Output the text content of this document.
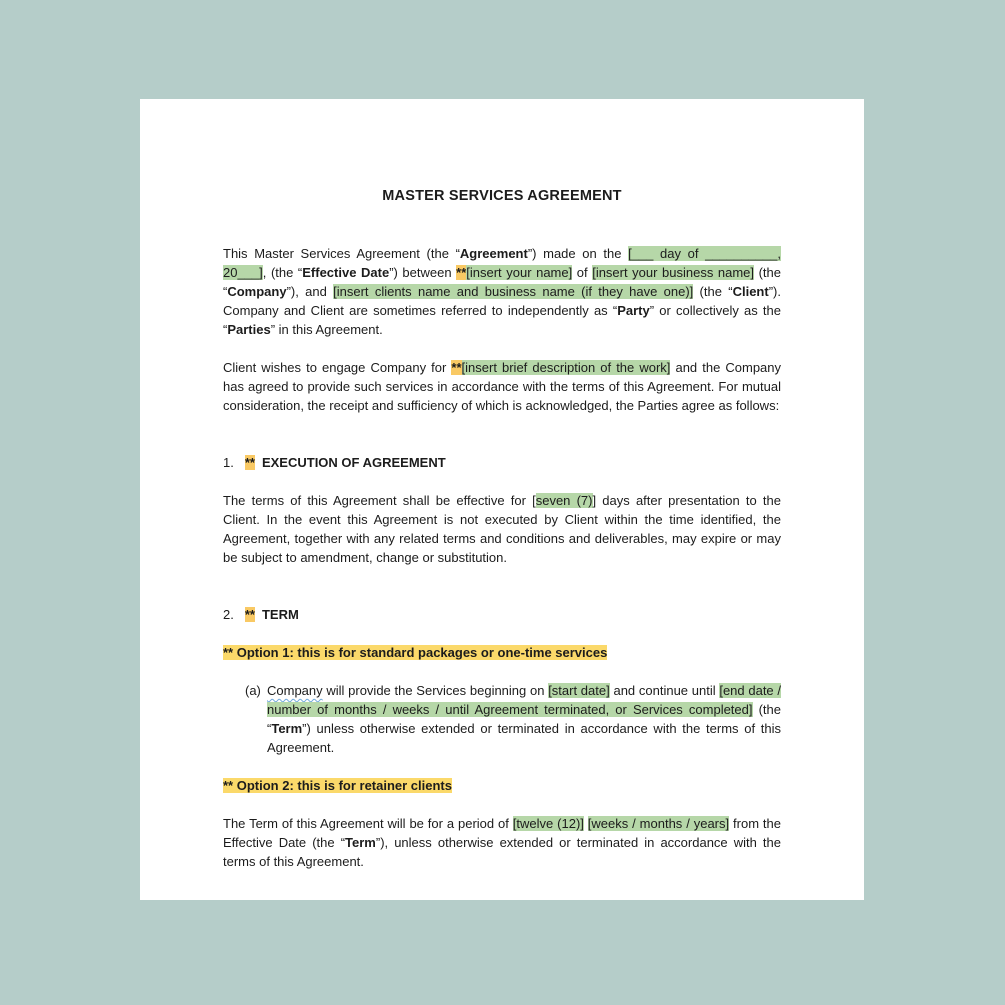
MASTER SERVICES AGREEMENT

This Master Services Agreement (the “Agreement”) made on the [___ day of __________, 20___], (the “Effective Date”) between **[insert your name] of [insert your business name] (the “Company”), and [insert clients name and business name (if they have one)] (the “Client”). Company and Client are sometimes referred to independently as “Party” or collectively as the “Parties” in this Agreement.

Client wishes to engage Company for **[insert brief description of the work] and the Company has agreed to provide such services in accordance with the terms of this Agreement. For mutual consideration, the receipt and sufficiency of which is acknowledged, the Parties agree as follows:

1. ** EXECUTION OF AGREEMENT

The terms of this Agreement shall be effective for [seven (7)] days after presentation to the Client. In the event this Agreement is not executed by Client within the time identified, the Agreement, together with any related terms and conditions and deliverables, may expire or may be subject to amendment, change or substitution.

2. ** TERM

** Option 1: this is for standard packages or one-time services

(a) Company will provide the Services beginning on [start date] and continue until [end date / number of months / weeks / until Agreement terminated, or Services completed] (the “Term”) unless otherwise extended or terminated in accordance with the terms of this Agreement.

** Option 2: this is for retainer clients

The Term of this Agreement will be for a period of [twelve (12)] [weeks / months / years] from the Effective Date (the “Term”), unless otherwise extended or terminated in accordance with the terms of this Agreement.
